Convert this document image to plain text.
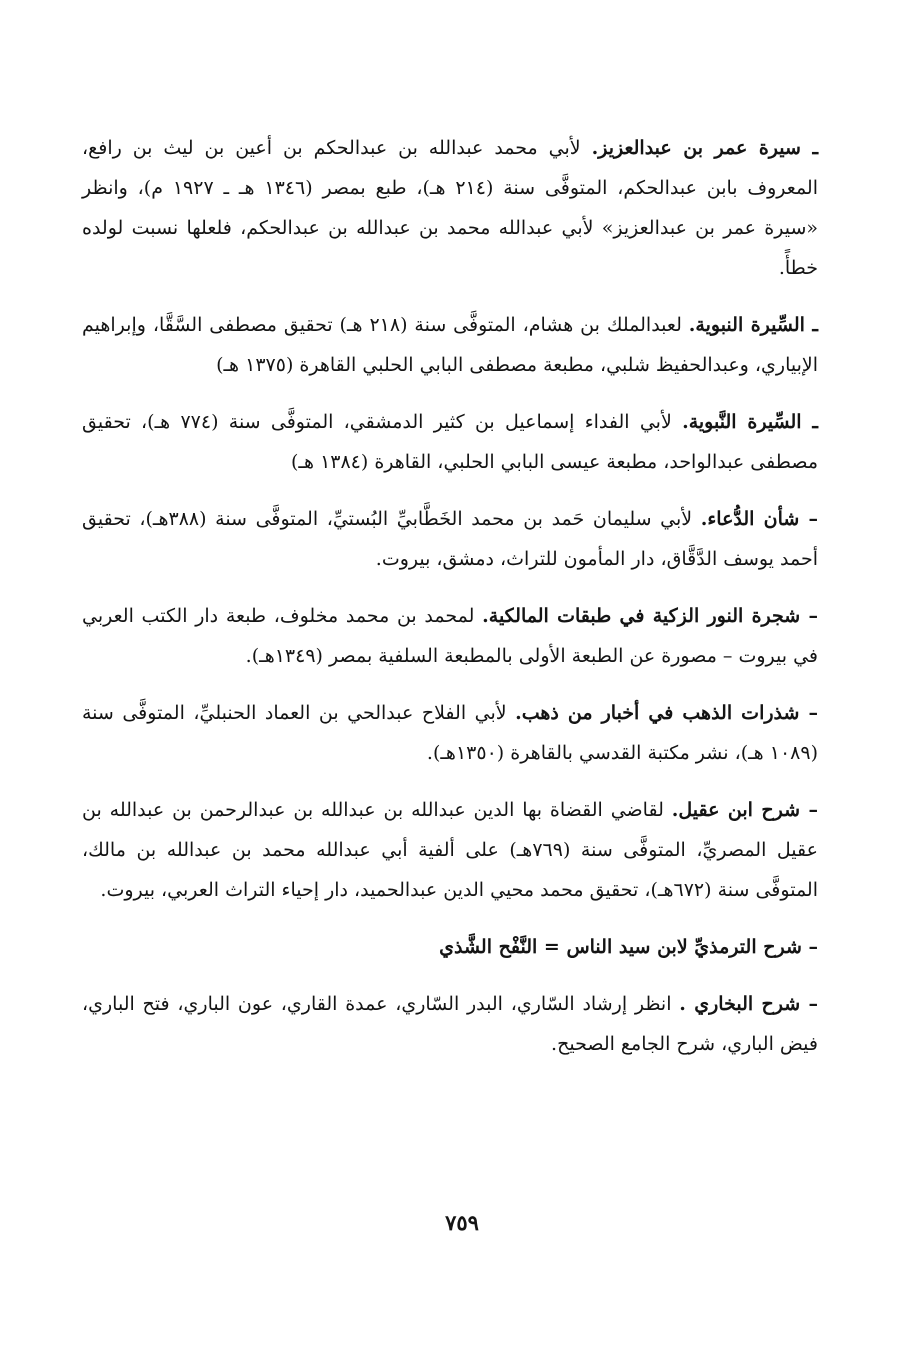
ـ سيرة عمر بن عبدالعزيز. لأبي محمد عبدالله بن عبدالحكم بن أعين بن ليث بن رافع، المعروف بابن عبدالحكم، المتوفَّى سنة (٢١٤ هـ)، طبع بمصر (١٣٤٦ هـ ـ ١٩٢٧ م)، وانظر «سيرة عمر بن عبدالعزيز» لأبي عبدالله محمد بن عبدالله بن عبدالحكم، فلعلها نسبت لولده خطأً.

ـ السِّيرة النبوية. لعبدالملك بن هشام، المتوفَّى سنة (٢١٨ هـ) تحقيق مصطفى السَّقَّا، وإبراهيم الإبياري، وعبدالحفيظ شلبي، مطبعة مصطفى البابي الحلبي القاهرة (١٣٧٥ هـ)

ـ السِّيرة النَّبوية. لأبي الفداء إسماعيل بن كثير الدمشقي، المتوفَّى سنة (٧٧٤ هـ)، تحقيق مصطفى عبدالواحد، مطبعة عيسى البابي الحلبي، القاهرة (١٣٨٤ هـ)

– شأن الدُّعاء. لأبي سليمان حَمد بن محمد الخَطَّابيِّ البُستيِّ، المتوفَّى سنة (٣٨٨هـ)، تحقيق أحمد يوسف الدَّقَّاق، دار المأمون للتراث، دمشق، بيروت.

– شجرة النور الزكية في طبقات المالكية. لمحمد بن محمد مخلوف، طبعة دار الكتب العربي في بيروت – مصورة عن الطبعة الأولى بالمطبعة السلفية بمصر (١٣٤٩هـ).

– شذرات الذهب في أخبار من ذهب. لأبي الفلاح عبدالحي بن العماد الحنبليِّ، المتوفَّى سنة (١٠٨٩ هـ)، نشر مكتبة القدسي بالقاهرة (١٣٥٠هـ).

– شرح ابن عقيل. لقاضي القضاة بها الدين عبدالله بن عبدالله بن عبدالرحمن بن عبدالله بن عقيل المصريِّ، المتوفَّى سنة (٧٦٩هـ) على ألفية أبي عبدالله محمد بن عبدالله بن مالك، المتوفَّى سنة (٦٧٢هـ)، تحقيق محمد محيي الدين عبدالحميد، دار إحياء التراث العربي، بيروت.

– شرح الترمذيِّ لابن سيد الناس = النَّفْح الشَّذي

– شرح البخاري . انظر إرشاد السّاري، البدر السّاري، عمدة القاري، عون الباري، فتح الباري، فيض الباري، شرح الجامع الصحيح.

٧٥٩
